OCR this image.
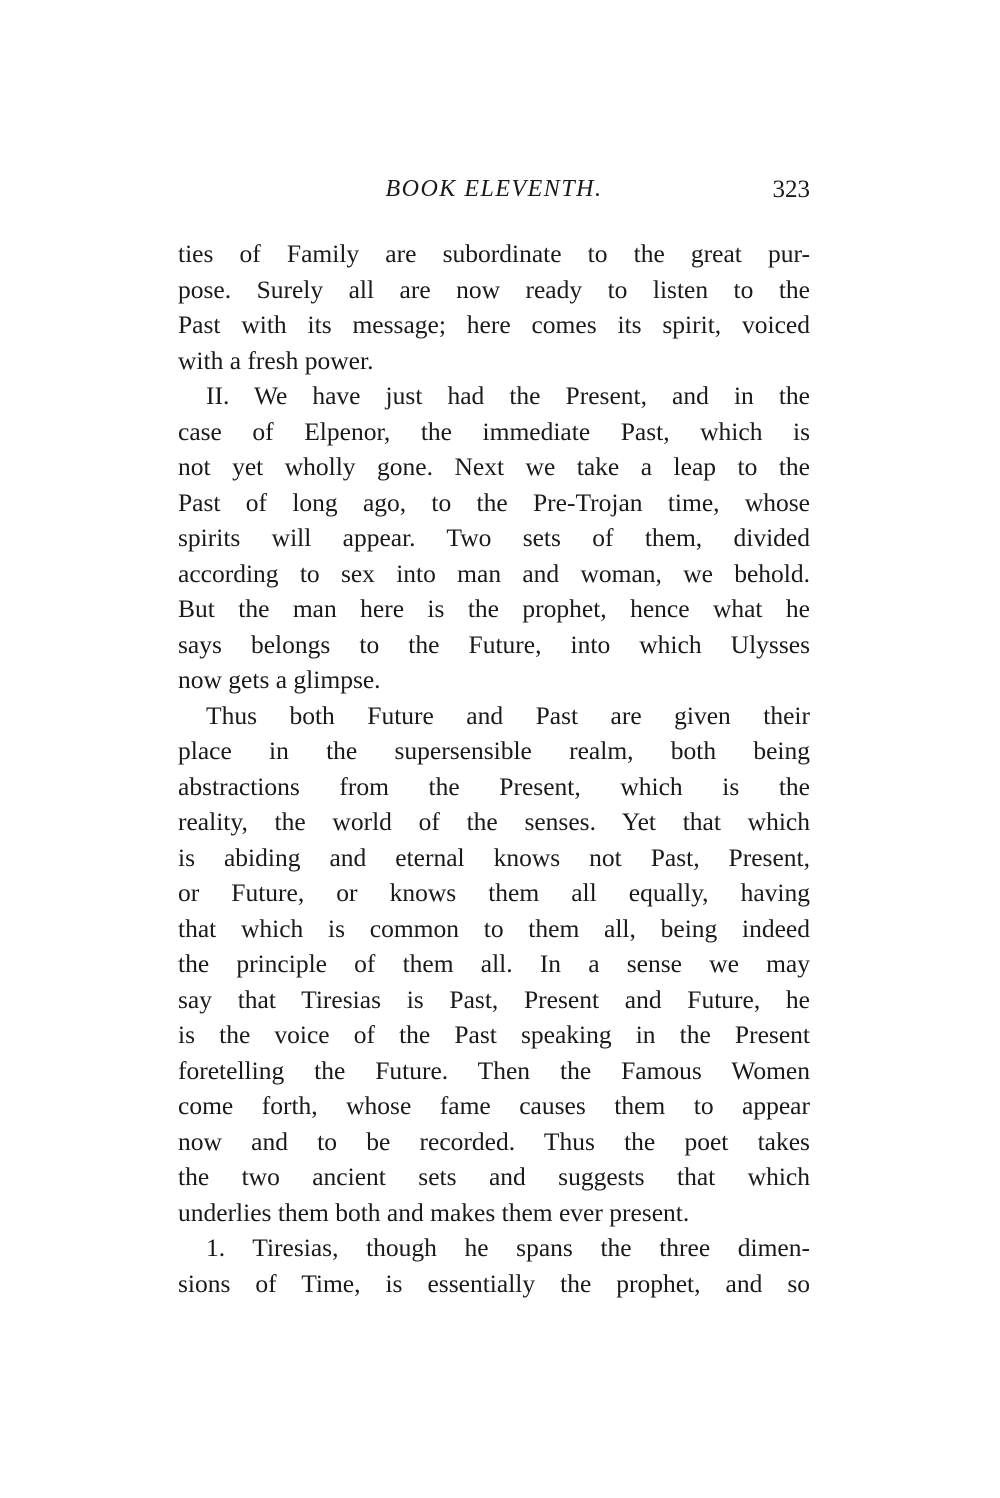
BOOK ELEVENTH.	323
ties of Family are subordinate to the great pur-
pose. Surely all are now ready to listen to the
Past with its message; here comes its spirit, voiced
with a fresh power.
II. We have just had the Present, and in the
case of Elpenor, the immediate Past, which is
not yet wholly gone. Next we take a leap to the
Past of long ago, to the Pre-Trojan time, whose
spirits will appear. Two sets of them, divided
according to sex into man and woman, we behold.
But the man here is the prophet, hence what he
says belongs to the Future, into which Ulysses
now gets a glimpse.
Thus both Future and Past are given their
place in the supersensible realm, both being
abstractions from the Present, which is the
reality, the world of the senses. Yet that which
is abiding and eternal knows not Past, Present,
or Future, or knows them all equally, having
that which is common to them all, being indeed
the principle of them all. In a sense we may
say that Tiresias is Past, Present and Future, he
is the voice of the Past speaking in the Present
foretelling the Future. Then the Famous Women
come forth, whose fame causes them to appear
now and to be recorded. Thus the poet takes
the two ancient sets and suggests that which
underlies them both and makes them ever present.
1. Tiresias, though he spans the three dimen-
sions of Time, is essentially the prophet, and so
